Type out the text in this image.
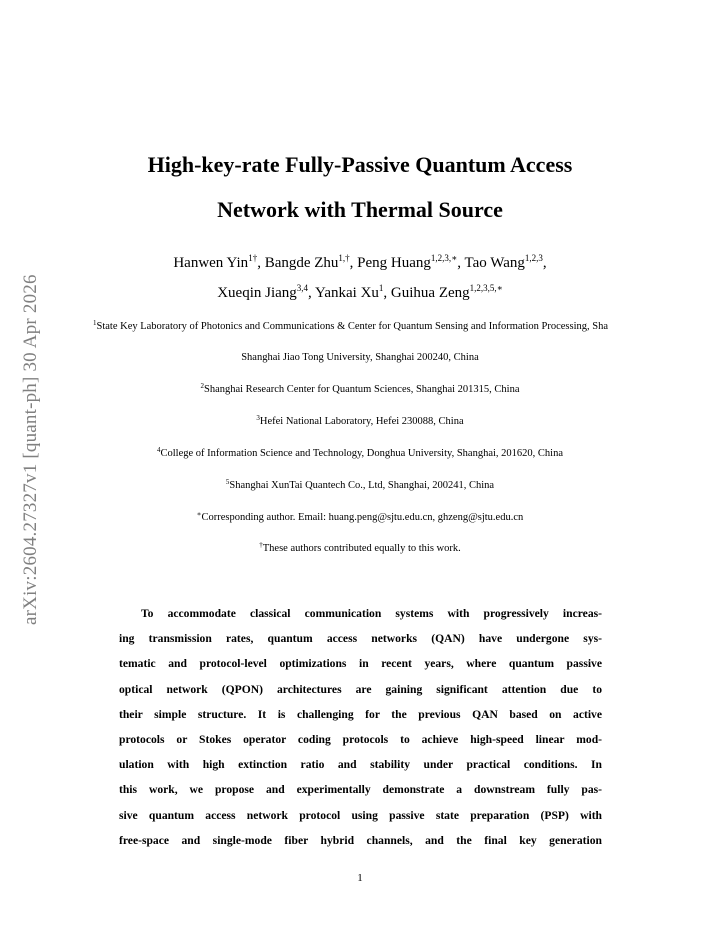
arXiv:2604.27327v1 [quant-ph] 30 Apr 2026
High-key-rate Fully-Passive Quantum Access
Network with Thermal Source
Hanwen Yin$^{1\dagger}$, Bangde Zhu$^{1,\dagger}$, Peng Huang$^{1,2,3,∗}$, Tao Wang$^{1,2,3}$,
Xueqin Jiang$^{3,4}$, Yankai Xu$^1$, Guihua Zeng$^{1,2,3,5,∗}$
$^1$State Key Laboratory of Photonics and Communications & Center for Quantum Sensing and Information Processing, Sha
Shanghai Jiao Tong University, Shanghai 200240, China
$^2$Shanghai Research Center for Quantum Sciences, Shanghai 201315, China
$^3$Hefei National Laboratory, Hefei 230088, China
$^4$College of Information Science and Technology, Donghua University, Shanghai, 201620, China
$^5$Shanghai XunTai Quantech Co., Ltd, Shanghai, 200241, China
∗Corresponding author. Email: huang.peng@sjtu.edu.cn, ghzeng@sjtu.edu.cn
†These authors contributed equally to this work.
To accommodate classical communication systems with progressively increas-
ing transmission rates, quantum access networks (QAN) have undergone sys-
tematic and protocol-level optimizations in recent years, where quantum passive
optical network (QPON) architectures are gaining significant attention due to
their simple structure. It is challenging for the previous QAN based on active
protocols or Stokes operator coding protocols to achieve high-speed linear mod-
ulation with high extinction ratio and stability under practical conditions. In
this work, we propose and experimentally demonstrate a downstream fully pas-
sive quantum access network protocol using passive state preparation (PSP) with
free-space and single-mode fiber hybrid channels, and the final key generation
1
